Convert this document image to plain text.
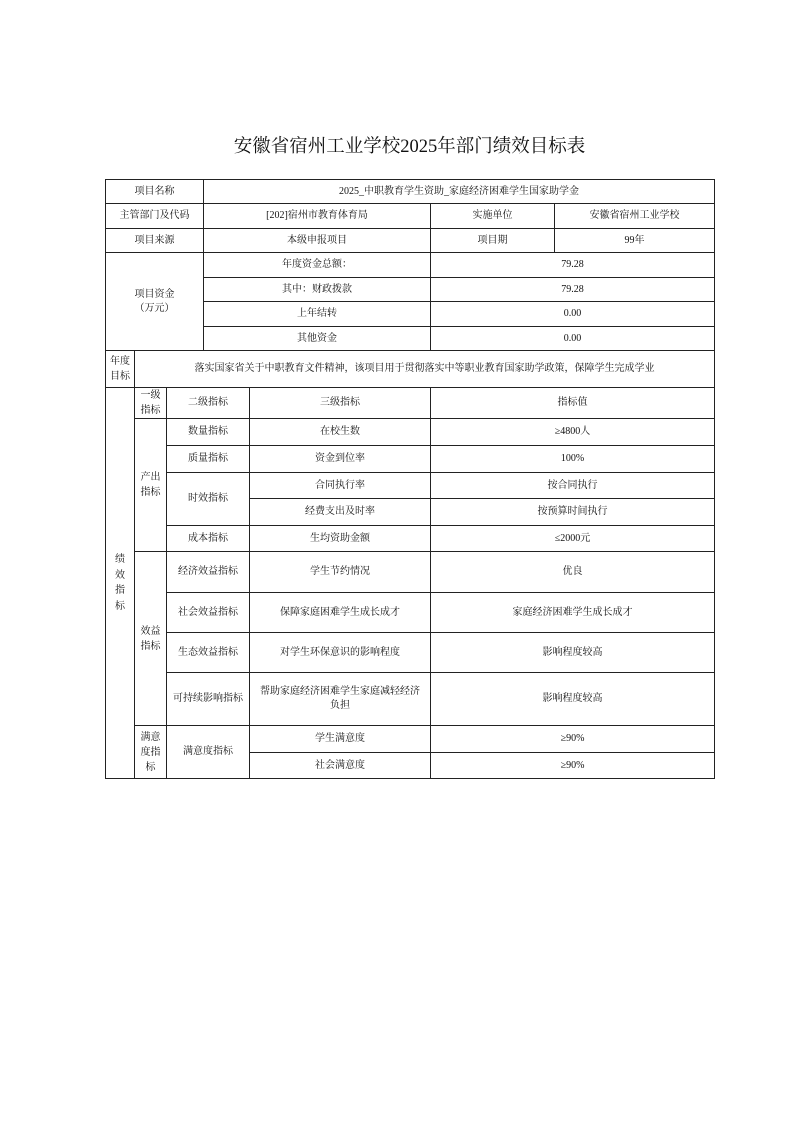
安徽省宿州工业学校2025年部门绩效目标表
项目名称			2025_中职教育学生资助_家庭经济困难学生国家助学金			
主管部门及代码			[202]宿州市教育体育局		实施单位	安徽省宿州工业学校
项目来源			本级申报项目		项目期	99年

项目资金
（万元）			年度资金总额：		79.28	
			其中：财政拨款		79.28	
			上年结转		0.00	
			其他资金		0.00	
年度目标	落实国家省关于中职教育文件精神，该项目用于贯彻落实中等职业教育国家助学政策，保障学生完成学业					
绩效指标	一级指标	二级指标		三级指标	指标值	
	产出指标	数量指标		在校生数	≥4800人	
		质量指标		资金到位率	100%	
		时效指标		合同执行率	按合同执行	
				经费支出及时率	按预算时间执行	
		成本指标		生均资助金额	≤2000元	
	效益指标	经济效益指标		学生节约情况	优良	
		社会效益指标		保障家庭困难学生成长成才	家庭经济困难学生成长成才	
		生态效益指标		对学生环保意识的影响程度	影响程度较高	
		可持续影响指标		帮助家庭经济困难学生家庭减轻经济负担	影响程度较高	
	满意度指标	满意度指标		学生满意度	≥90%	
				社会满意度	≥90%	
